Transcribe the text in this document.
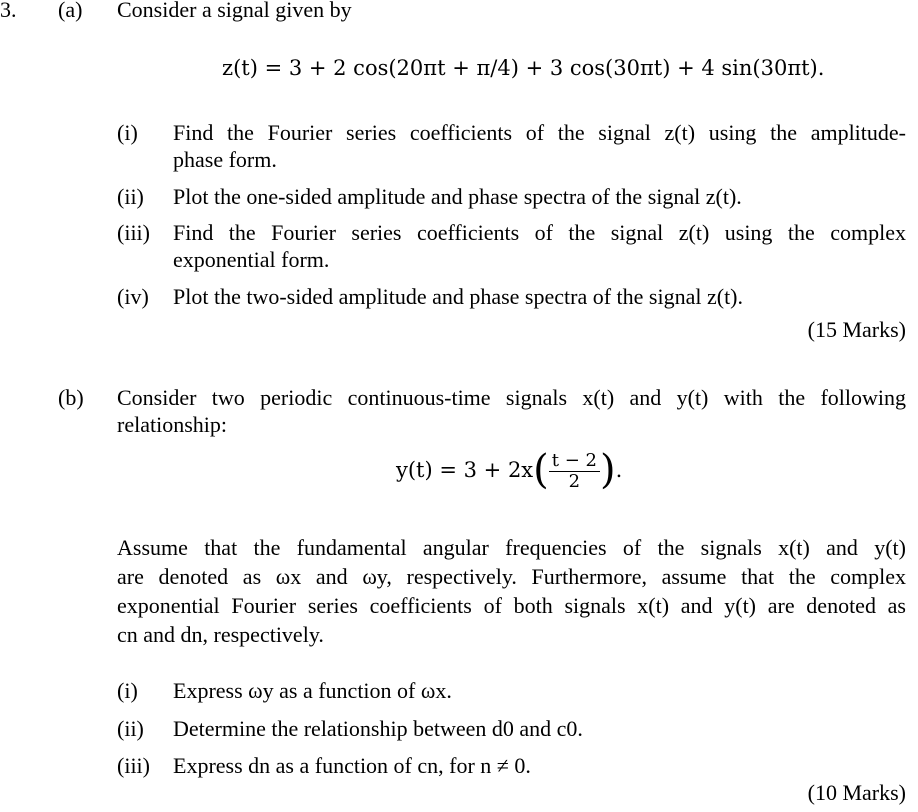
3. (a) Consider a signal given by
z(t) = 3 + 2 cos(20πt + π/4) + 3 cos(30πt) + 4 sin(30πt).
(i) Find the Fourier series coefficients of the signal z(t) using the amplitude-
phase form.
(ii) Plot the one-sided amplitude and phase spectra of the signal z(t).
(iii) Find the Fourier series coefficients of the signal z(t) using the complex
exponential form.
(iv) Plot the two-sided amplitude and phase spectra of the signal z(t).
(15 Marks)
(b) Consider two periodic continuous-time signals x(t) and y(t) with the following
relationship:
$y(t) = 3 + 2x( \frac{t - 2}{2}$ ).
Assume that the fundamental angular frequencies of the signals x(t) and y(t)
are denoted as ωx and ωy, respectively. Furthermore, assume that the complex
exponential Fourier series coefficients of both signals x(t) and y(t) are denoted as
cn and dn, respectively.
(i) Express ωy as a function of ωx.
(ii) Determine the relationship between d0 and c0.
(iii) Express dn as a function of cn, for n ≠ 0.
(10 Marks)
